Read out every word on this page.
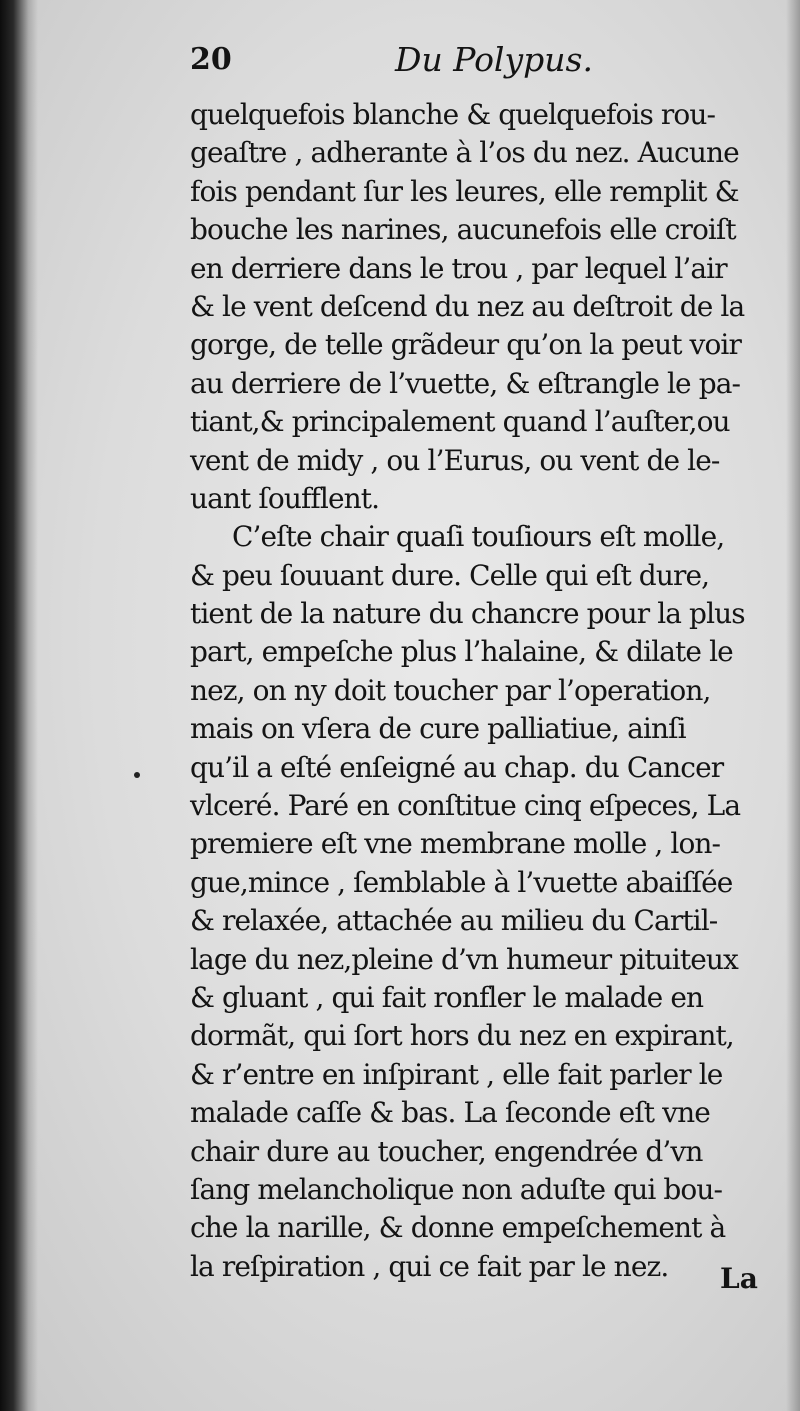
20	Du Polypus.
quelquefois blanche & quelquefois rou-
geaſtre , adherante à l’os du nez. Aucune
fois pendant ſur les leures, elle remplit &
bouche les narines, aucunefois elle croiſt
en derriere dans le trou , par lequel l’air
& le vent deſcend du nez au deſtroit de la
gorge, de telle grãdeur qu’on la peut voir
au derriere de l’vuette, & eſtrangle le pa-
tiant,& principalement quand l’auſter,ou
vent de midy , ou l’Eurus, ou vent de le-
uant ſoufflent.
C’eſte chair quaſi touſiours eſt molle,
& peu ſouuant dure. Celle qui eſt dure,
tient de la nature du chancre pour la plus
part, empeſche plus l’halaine, & dilate le
nez, on ny doit toucher par l’operation,
mais on vſera de cure palliatiue, ainſi
qu’il a eſté enſeigné au chap. du Cancer
vlceré. Paré en conſtitue cinq eſpeces, La
premiere eſt vne membrane molle , lon-
gue,mince , ſemblable à l’vuette abaiſſée
& relaxée, attachée au milieu du Cartil-
lage du nez,pleine d’vn humeur pituiteux
& gluant , qui fait ronfler le malade en
dormãt, qui ſort hors du nez en expirant,
& r’entre en inſpirant , elle fait parler le
malade caſſe & bas. La ſeconde eſt vne
chair dure au toucher, engendrée d’vn
ſang melancholique non aduſte qui bou-
che la narille, & donne empeſchement à
la reſpiration , qui ce fait par le nez.	La
